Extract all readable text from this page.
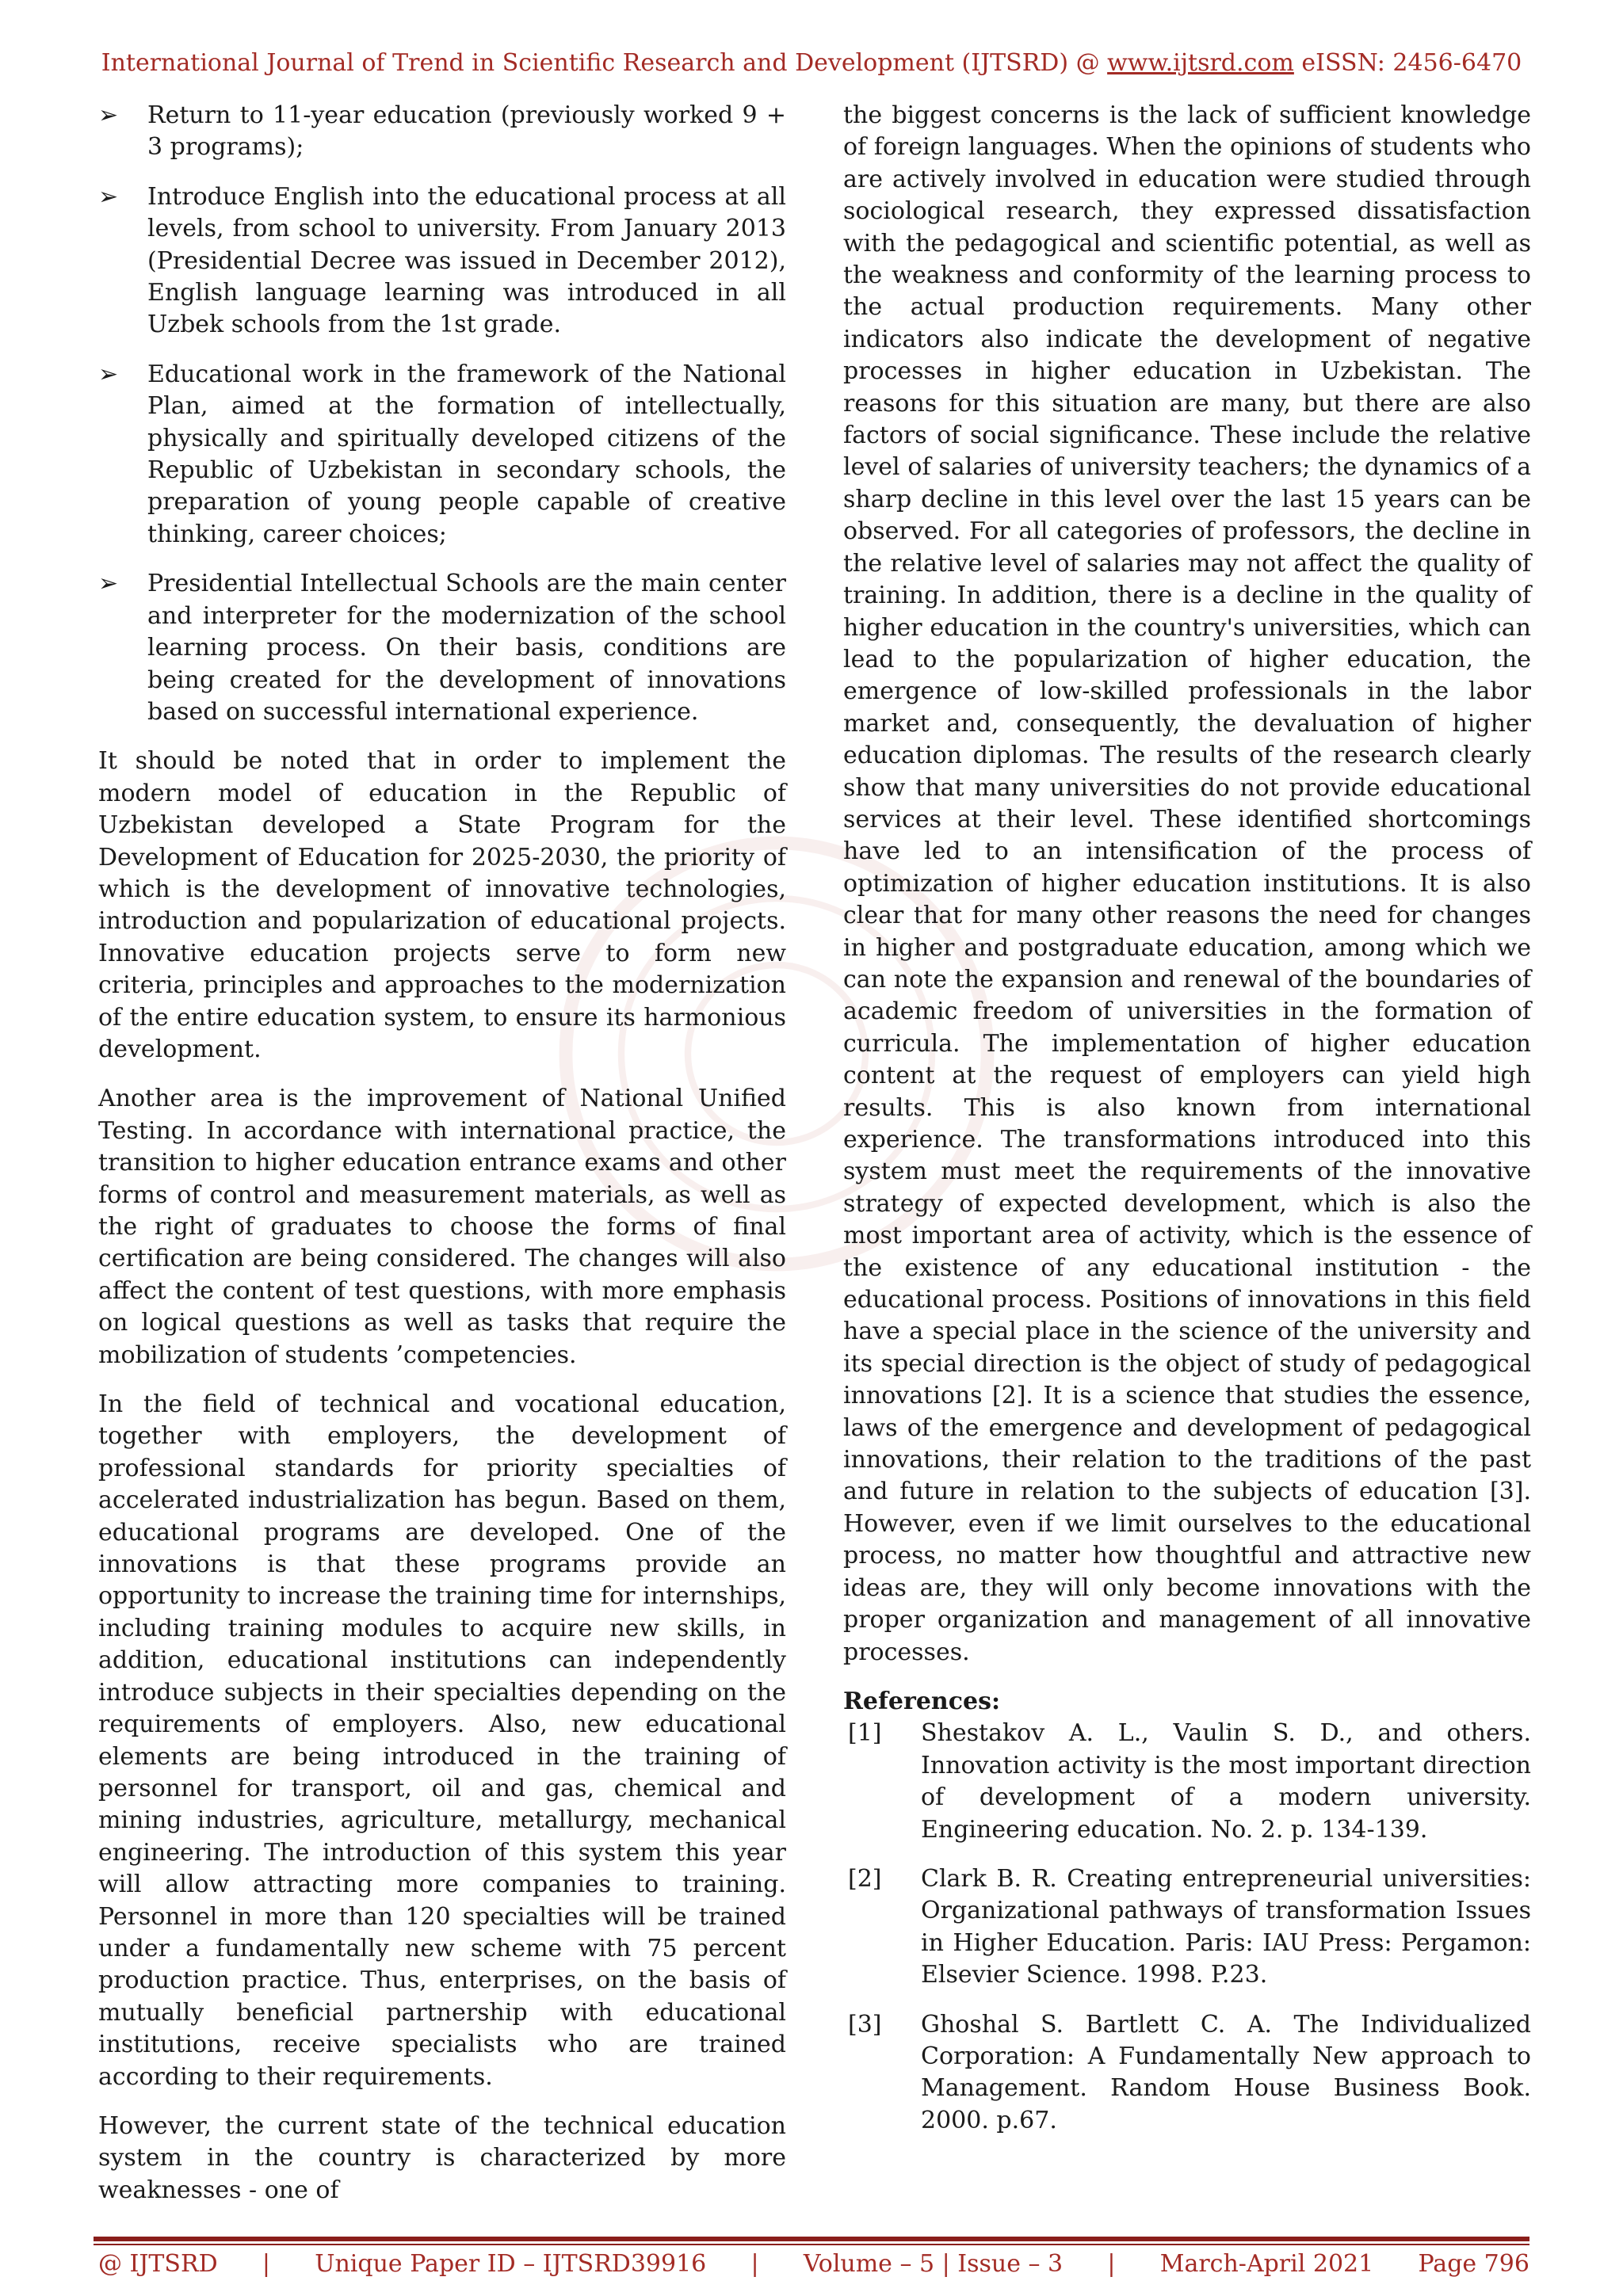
International Journal of Trend in Scientific Research and Development (IJTSRD) @ www.ijtsrd.com eISSN: 2456-6470
➢	Return to 11-year education (previously worked 9 + 3 programs);
➢	Introduce English into the educational process at all levels, from school to university. From January 2013 (Presidential Decree was issued in December 2012), English language learning was introduced in all Uzbek schools from the 1st grade.
➢	Educational work in the framework of the National Plan, aimed at the formation of intellectually, physically and spiritually developed citizens of the Republic of Uzbekistan in secondary schools, the preparation of young people capable of creative thinking, career choices;
➢	Presidential Intellectual Schools are the main center and interpreter for the modernization of the school learning process. On their basis, conditions are being created for the development of innovations based on successful international experience.

It should be noted that in order to implement the modern model of education in the Republic of Uzbekistan developed a State Program for the Development of Education for 2025-2030, the priority of which is the development of innovative technologies, introduction and popularization of educational projects. Innovative education projects serve to form new criteria, principles and approaches to the modernization of the entire education system, to ensure its harmonious development.

Another area is the improvement of National Unified Testing. In accordance with international practice, the transition to higher education entrance exams and other forms of control and measurement materials, as well as the right of graduates to choose the forms of final certification are being considered. The changes will also affect the content of test questions, with more emphasis on logical questions as well as tasks that require the mobilization of students ’competencies.

In the field of technical and vocational education, together with employers, the development of professional standards for priority specialties of accelerated industrialization has begun. Based on them, educational programs are developed. One of the innovations is that these programs provide an opportunity to increase the training time for internships, including training modules to acquire new skills, in addition, educational institutions can independently introduce subjects in their specialties depending on the requirements of employers. Also, new educational elements are being introduced in the training of personnel for transport, oil and gas, chemical and mining industries, agriculture, metallurgy, mechanical engineering. The introduction of this system this year will allow attracting more companies to training. Personnel in more than 120 specialties will be trained under a fundamentally new scheme with 75 percent production practice. Thus, enterprises, on the basis of mutually beneficial partnership with educational institutions, receive specialists who are trained according to their requirements.

However, the current state of the technical education system in the country is characterized by more weaknesses - one of

the biggest concerns is the lack of sufficient knowledge of foreign languages. When the opinions of students who are actively involved in education were studied through sociological research, they expressed dissatisfaction with the pedagogical and scientific potential, as well as the weakness and conformity of the learning process to the actual production requirements. Many other indicators also indicate the development of negative processes in higher education in Uzbekistan. The reasons for this situation are many, but there are also factors of social significance. These include the relative level of salaries of university teachers; the dynamics of a sharp decline in this level over the last 15 years can be observed. For all categories of professors, the decline in the relative level of salaries may not affect the quality of training. In addition, there is a decline in the quality of higher education in the country's universities, which can lead to the popularization of higher education, the emergence of low-skilled professionals in the labor market and, consequently, the devaluation of higher education diplomas. The results of the research clearly show that many universities do not provide educational services at their level. These identified shortcomings have led to an intensification of the process of optimization of higher education institutions. It is also clear that for many other reasons the need for changes in higher and postgraduate education, among which we can note the expansion and renewal of the boundaries of academic freedom of universities in the formation of curricula. The implementation of higher education content at the request of employers can yield high results. This is also known from international experience. The transformations introduced into this system must meet the requirements of the innovative strategy of expected development, which is also the most important area of activity, which is the essence of the existence of any educational institution - the educational process. Positions of innovations in this field have a special place in the science of the university and its special direction is the object of study of pedagogical innovations [2]. It is a science that studies the essence, laws of the emergence and development of pedagogical innovations, their relation to the traditions of the past and future in relation to the subjects of education [3]. However, even if we limit ourselves to the educational process, no matter how thoughtful and attractive new ideas are, they will only become innovations with the proper organization and management of all innovative processes.

References:
[1] Shestakov A. L., Vaulin S. D., and others. Innovation activity is the most important direction of development of a modern university. Engineering education. No. 2. p. 134-139.
[2] Clark B. R. Creating entrepreneurial universities: Organizational pathways of transformation Issues in Higher Education. Paris: IAU Press: Pergamon: Elsevier Science. 1998. P.23.
[3] Ghoshal S. Bartlett C. A. The Individualized Corporation: A Fundamentally New approach to Management. Random House Business Book. 2000. p.67.
@ IJTSRD | Unique Paper ID – IJTSRD39916 | Volume – 5 | Issue – 3 | March-April 2021 Page 796
